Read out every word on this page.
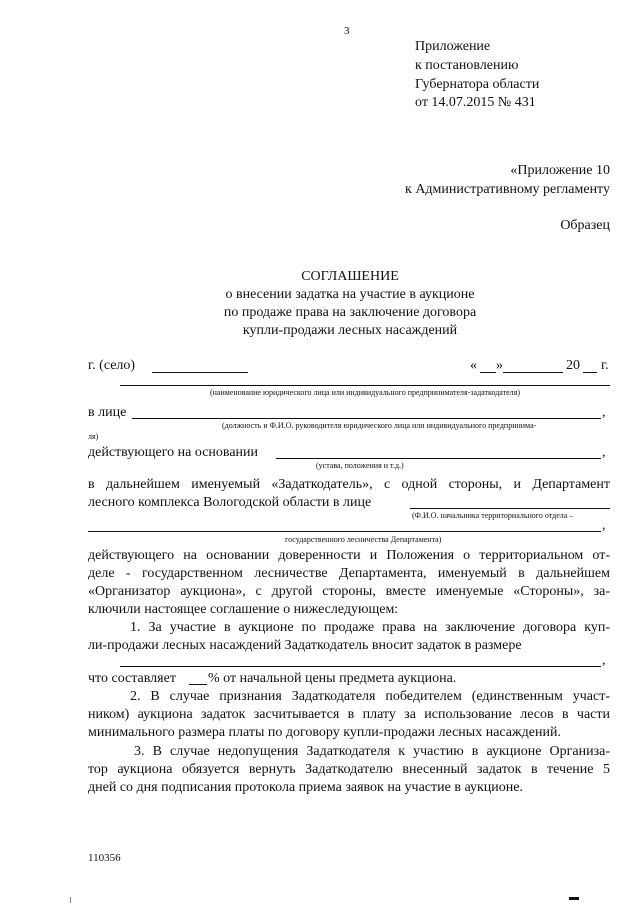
3
Приложение
к постановлению
Губернатора области
от 14.07.2015 № 431
«Приложение 10
к Административному регламенту
Образец
СОГЛАШЕНИЕ
о внесении задатка на участие в аукционе
по продаже права на заключение договора
купли-продажи лесных насаждений
г. (село)	« »	20 г.
(наименование юридического лица или индивидуального предпринимателя-задаткодателя)
в лице	,
(должность и Ф.И.О. руководителя юридического лица или индивидуального предпринима-
ля)
действующего на основании	,
(устава, положения и т.д.)
в дальнейшем именуемый «Задаткодатель», с одной стороны, и Департамент
лесного комплекса Вологодской области в лице
(Ф.И.О. начальника территориального отдела –
,
государственного лесничества Департамента)
действующего на основании доверенности и Положения о территориальном от-
деле - государственном лесничестве Департамента, именуемый в дальнейшем
«Организатор аукциона», с другой стороны, вместе именуемые «Стороны», за-
ключили настоящее соглашение о нижеследующем:
1. За участие в аукционе по продаже права на заключение договора куп-
ли-продажи лесных насаждений Задаткодатель вносит задаток в размере
,
что составляет % от начальной цены предмета аукциона.
2. В случае признания Задаткодателя победителем (единственным участ-
ником) аукциона задаток засчитывается в плату за использование лесов в части
минимального размера платы по договору купли-продажи лесных насаждений.
3. В случае недопущения Задаткодателя к участию в аукционе Организа-
тор аукциона обязуется вернуть Задаткодателю внесенный задаток в течение 5
дней со дня подписания протокола приема заявок на участие в аукционе.
110356
